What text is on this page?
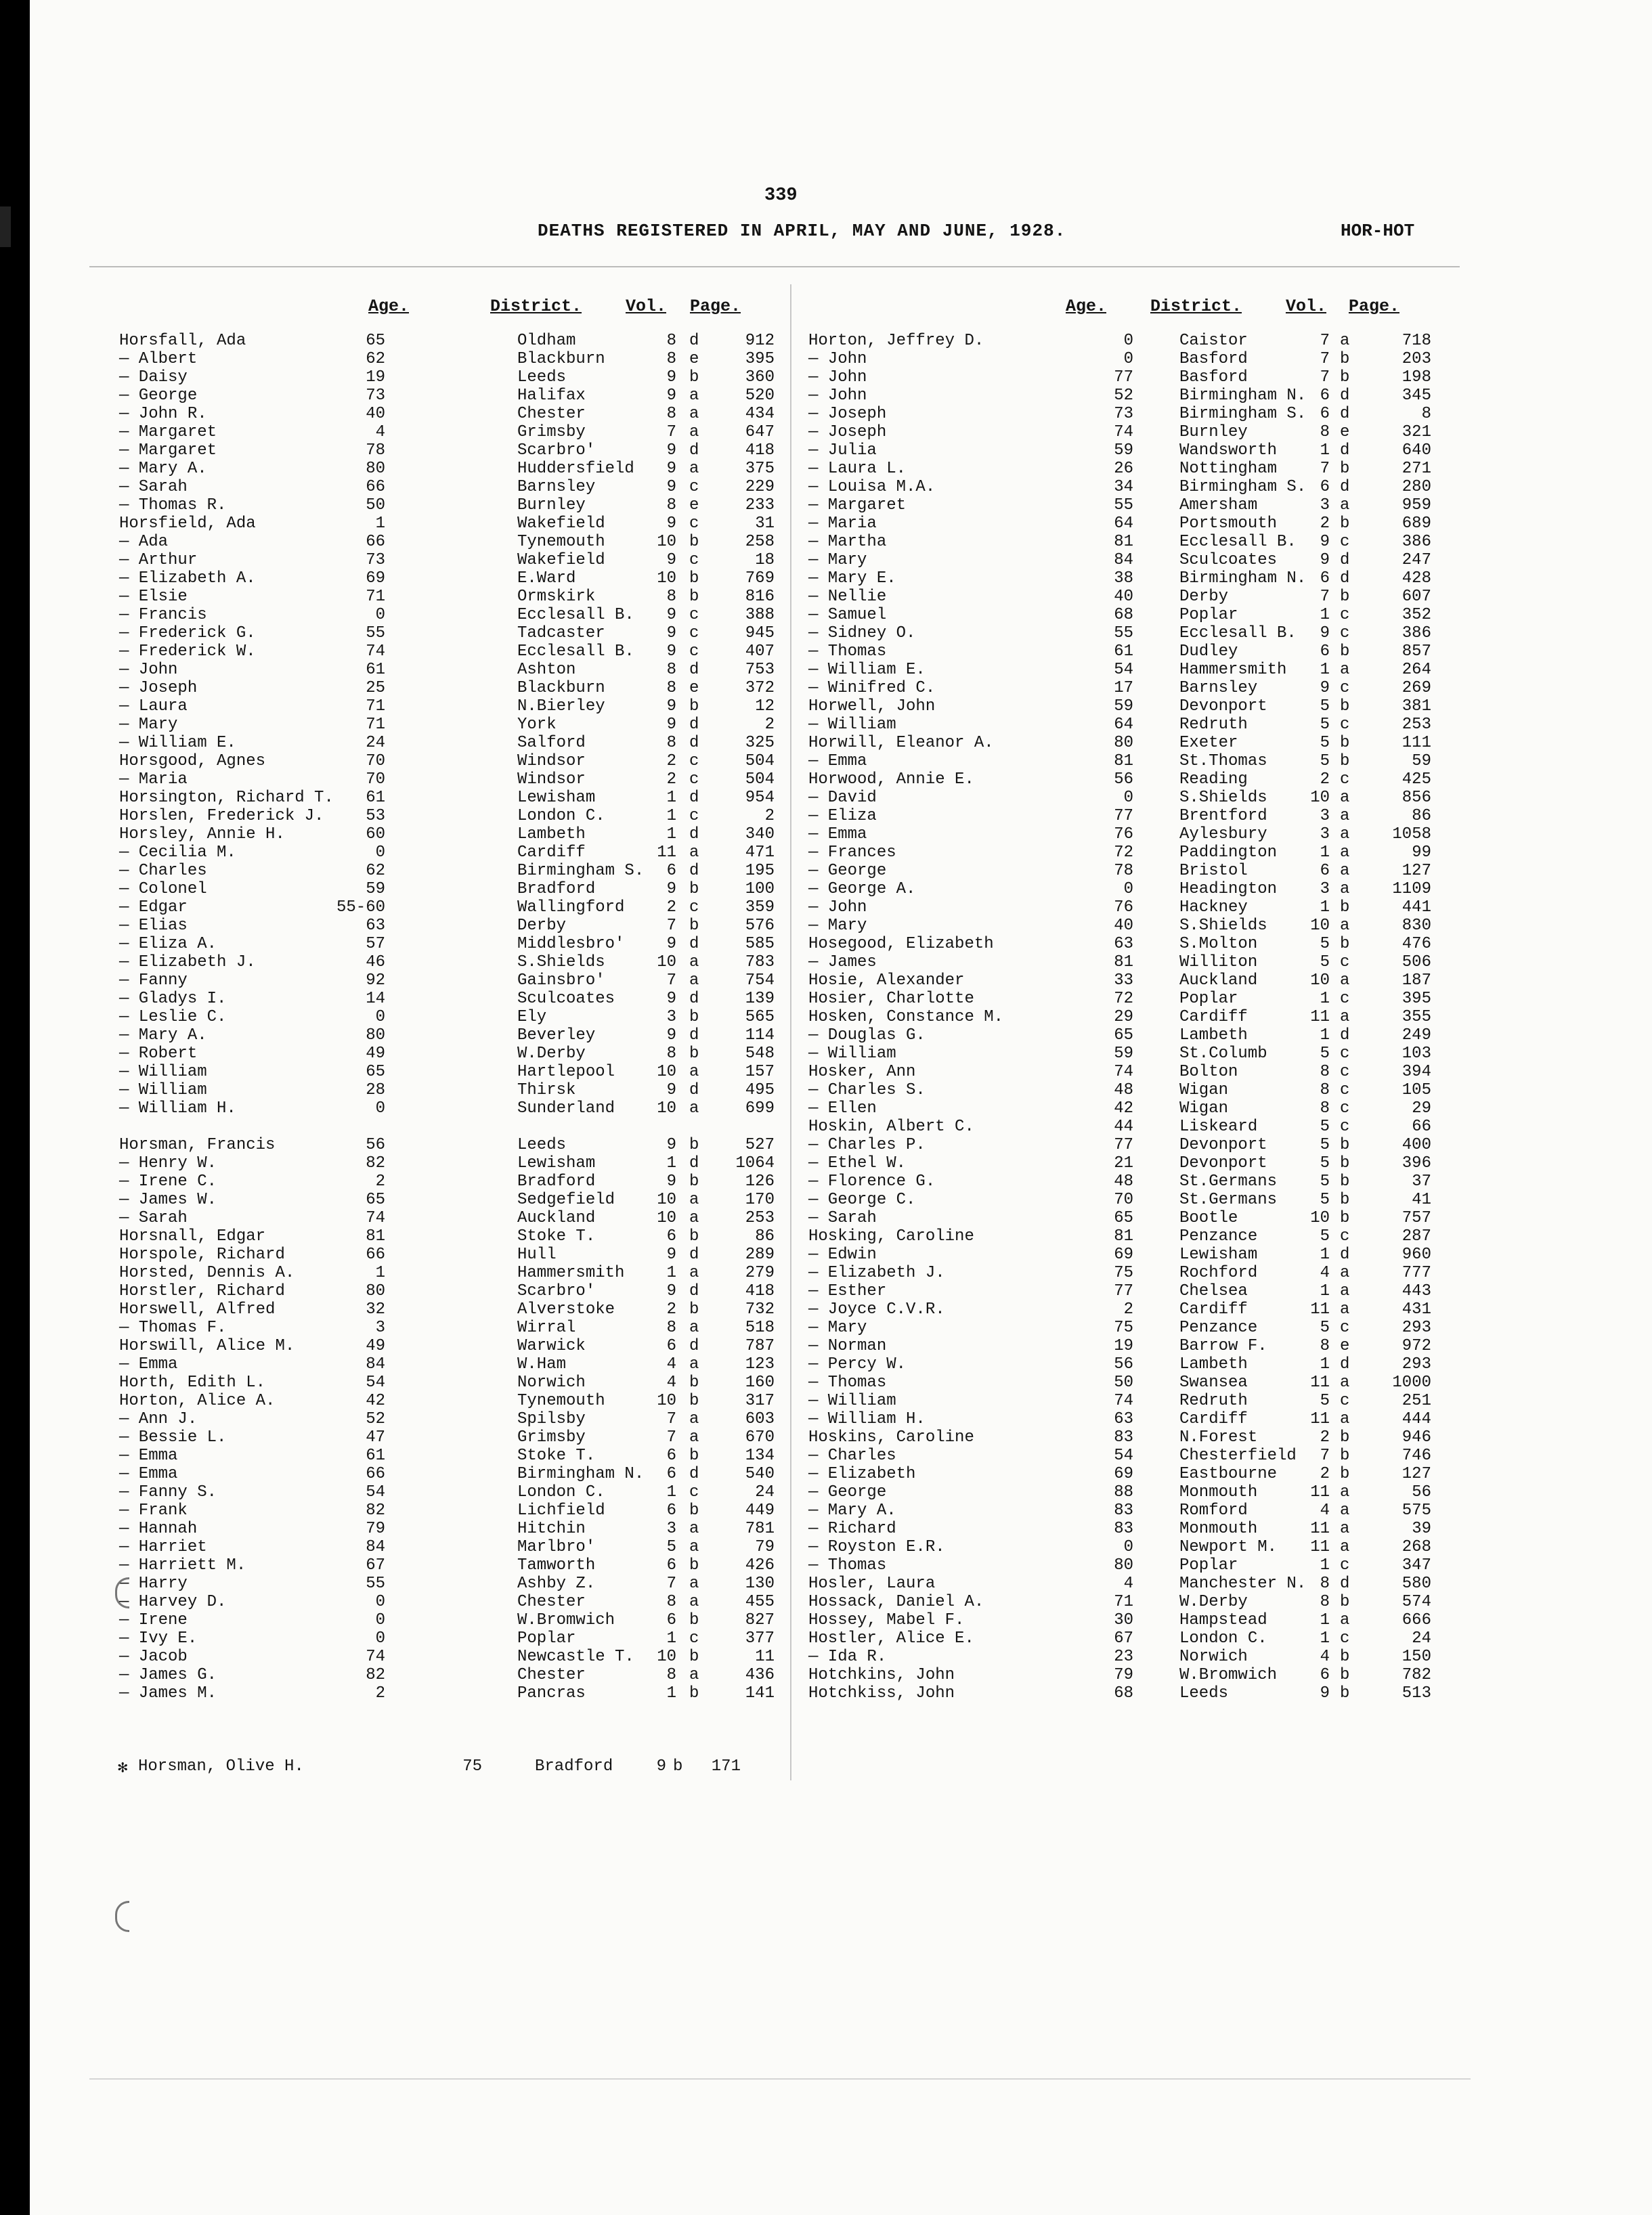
339
DEATHS REGISTERED IN APRIL, MAY AND JUNE, 1928.	HOR-HOT
Age.	District.	Vol. Page.	Age.	District.	Vol. Page.
Horsfall, Ada	65	Oldham	8 d	912
— Albert	62	Blackburn	8 e	395
— Daisy	19	Leeds	9 b	360
— George	73	Halifax	9 a	520
— John R.	40	Chester	8 a	434
— Margaret	4	Grimsby	7 a	647
— Margaret	78	Scarbro'	9 d	418
— Mary A.	80	Huddersfield	9 a	375
— Sarah	66	Barnsley	9 c	229
— Thomas R.	50	Burnley	8 e	233
Horsfield, Ada	1	Wakefield	9 c	31
— Ada	66	Tynemouth	10 b	258
— Arthur	73	Wakefield	9 c	18
— Elizabeth A.	69	E.Ward	10 b	769
— Elsie	71	Ormskirk	8 b	816
— Francis	0	Ecclesall B.	9 c	388
— Frederick G.	55	Tadcaster	9 c	945
— Frederick W.	74	Ecclesall B.	9 c	407
— John	61	Ashton	8 d	753
— Joseph	25	Blackburn	8 e	372
— Laura	71	N.Bierley	9 b	12
— Mary	71	York	9 d	2
— William E.	24	Salford	8 d	325
Horsgood, Agnes	70	Windsor	2 c	504
— Maria	70	Windsor	2 c	504
Horsington, Richard T.	61	Lewisham	1 d	954
Horslen, Frederick J.	53	London C.	1 c	2
Horsley, Annie H.	60	Lambeth	1 d	340
— Cecilia M.	0	Cardiff	11 a	471
— Charles	62	Birmingham S.	6 d	195
— Colonel	59	Bradford	9 b	100
— Edgar	55-60	Wallingford	2 c	359
— Elias	63	Derby	7 b	576
— Eliza A.	57	Middlesbro'	9 d	585
— Elizabeth J.	46	S.Shields	10 a	783
— Fanny	92	Gainsbro'	7 a	754
— Gladys I.	14	Sculcoates	9 d	139
— Leslie C.	0	Ely	3 b	565
— Mary A.	80	Beverley	9 d	114
— Robert	49	W.Derby	8 b	548
— William	65	Hartlepool	10 a	157
— William	28	Thirsk	9 d	495
— William H.	0	Sunderland	10 a	699
Horsman, Francis	56	Leeds	9 b	527
— Henry W.	82	Lewisham	1 d	1064
— Irene C.	2	Bradford	9 b	126
— James W.	65	Sedgefield	10 a	170
— Sarah	74	Auckland	10 a	253
Horsnall, Edgar	81	Stoke T.	6 b	86
Horspole, Richard	66	Hull	9 d	289
Horsted, Dennis A.	1	Hammersmith	1 a	279
Horstler, Richard	80	Scarbro'	9 d	418
Horswell, Alfred	32	Alverstoke	2 b	732
— Thomas F.	3	Wirral	8 a	518
Horswill, Alice M.	49	Warwick	6 d	787
— Emma	84	W.Ham	4 a	123
Horth, Edith L.	54	Norwich	4 b	160
Horton, Alice A.	42	Tynemouth	10 b	317
— Ann J.	52	Spilsby	7 a	603
— Bessie L.	47	Grimsby	7 a	670
— Emma	61	Stoke T.	6 b	134
— Emma	66	Birmingham N.	6 d	540
— Fanny S.	54	London C.	1 c	24
— Frank	82	Lichfield	6 b	449
— Hannah	79	Hitchin	3 a	781
— Harriet	84	Marlbro'	5 a	79
— Harriett M.	67	Tamworth	6 b	426
— Harry	55	Ashby Z.	7 a	130
— Harvey D.	0	Chester	8 a	455
— Irene	0	W.Bromwich	6 b	827
— Ivy E.	0	Poplar	1 c	377
— Jacob	74	Newcastle T.	10 b	11
— James G.	82	Chester	8 a	436
— James M.	2	Pancras	1 b	141
Horton, Jeffrey D.	0	Caistor	7 a	718
— John	0	Basford	7 b	203
— John	77	Basford	7 b	198
— John	52	Birmingham N. 6 d	345
— Joseph	73	Birmingham S. 6 d	8
— Joseph	74	Burnley	8 e	321
— Julia	59	Wandsworth	1 d	640
— Laura L.	26	Nottingham	7 b	271
— Louisa M.A.	34	Birmingham S. 6 d	280
— Margaret	55	Amersham	3 a	959
— Maria	64	Portsmouth	2 b	689
— Martha	81	Ecclesall B.	9 c	386
— Mary	84	Sculcoates	9 d	247
— Mary E.	38	Birmingham N. 6 d	428
— Nellie	40	Derby	7 b	607
— Samuel	68	Poplar	1 c	352
— Sidney O.	55	Ecclesall B.	9 c	386
— Thomas	61	Dudley	6 b	857
— William E.	54	Hammersmith	1 a	264
— Winifred C.	17	Barnsley	9 c	269
Horwell, John	59	Devonport	5 b	381
— William	64	Redruth	5 c	253
Horwill, Eleanor A.	80	Exeter	5 b	111
— Emma	81	St.Thomas	5 b	59
Horwood, Annie E.	56	Reading	2 c	425
— David	0	S.Shields	10 a	856
— Eliza	77	Brentford	3 a	86
— Emma	76	Aylesbury	3 a	1058
— Frances	72	Paddington	1 a	99
— George	78	Bristol	6 a	127
— George A.	0	Headington	3 a	1109
— John	76	Hackney	1 b	441
— Mary	40	S.Shields	10 a	830
Hosegood, Elizabeth	63	S.Molton	5 b	476
— James	81	Williton	5 c	506
Hosie, Alexander	33	Auckland	10 a	187
Hosier, Charlotte	72	Poplar	1 c	395
Hosken, Constance M.	29	Cardiff	11 a	355
— Douglas G.	65	Lambeth	1 d	249
— William	59	St.Columb	5 c	103
Hosker, Ann	74	Bolton	8 c	394
— Charles S.	48	Wigan	8 c	105
— Ellen	42	Wigan	8 c	29
Hoskin, Albert C.	44	Liskeard	5 c	66
— Charles P.	77	Devonport	5 b	400
— Ethel W.	21	Devonport	5 b	396
— Florence G.	48	St.Germans	5 b	37
— George C.	70	St.Germans	5 b	41
— Sarah	65	Bootle	10 b	757
Hosking, Caroline	81	Penzance	5 c	287
— Edwin	69	Lewisham	1 d	960
— Elizabeth J.	75	Rochford	4 a	777
— Esther	77	Chelsea	1 a	443
— Joyce C.V.R.	2	Cardiff	11 a	431
— Mary	75	Penzance	5 c	293
— Norman	19	Barrow F.	8 e	972
— Percy W.	56	Lambeth	1 d	293
— Thomas	50	Swansea	11 a	1000
— William	74	Redruth	5 c	251
— William H.	63	Cardiff	11 a	444
Hoskins, Caroline	83	N.Forest	2 b	946
— Charles	54	Chesterfield	7 b	746
— Elizabeth	69	Eastbourne	2 b	127
— George	88	Monmouth	11 a	56
— Mary A.	83	Romford	4 a	575
— Richard	83	Monmouth	11 a	39
— Royston E.R.	0	Newport M.	11 a	268
— Thomas	80	Poplar	1 c	347
Hosler, Laura	4	Manchester N. 8 d	580
Hossack, Daniel A.	71	W.Derby	8 b	574
Hossey, Mabel F.	30	Hampstead	1 a	666
Hostler, Alice E.	67	London C.	1 c	24
— Ida R.	23	Norwich	4 b	150
Hotchkins, John	79	W.Bromwich	6 b	782
Hotchkiss, John	68	Leeds	9 b	513
✻ Horsman, Olive H.	75	Bradford	9 b	171
